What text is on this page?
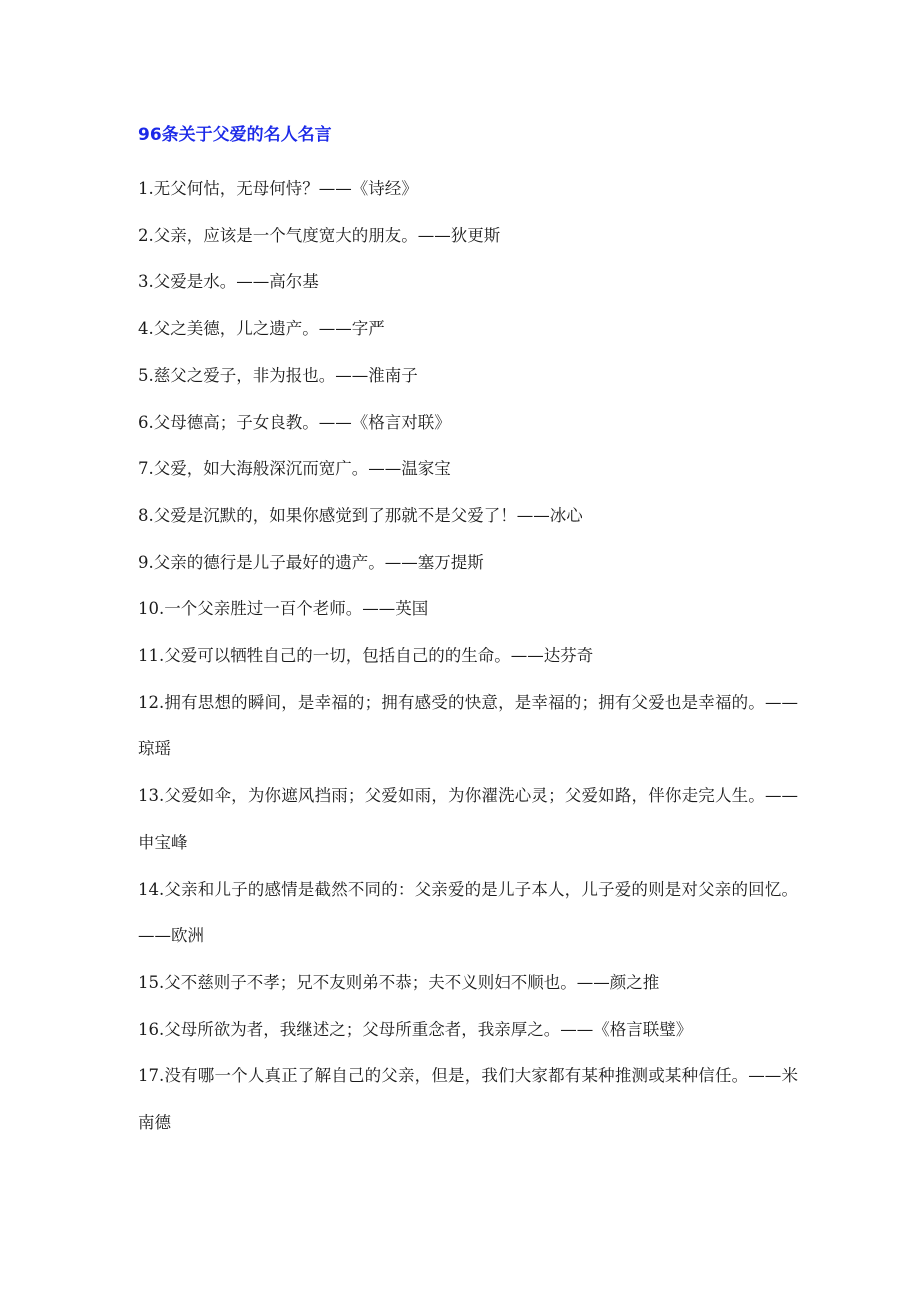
96条关于父爱的名人名言
1.无父何怙，无母何恃？——《诗经》
2.父亲，应该是一个气度宽大的朋友。——狄更斯
3.父爱是水。——高尔基
4.父之美德，儿之遗产。——字严
5.慈父之爱子，非为报也。——淮南子
6.父母德高；子女良教。——《格言对联》
7.父爱，如大海般深沉而宽广。——温家宝
8.父爱是沉默的，如果你感觉到了那就不是父爱了！——冰心
9.父亲的德行是儿子最好的遗产。——塞万提斯
10.一个父亲胜过一百个老师。——英国
11.父爱可以牺牲自己的一切，包括自己的的生命。——达芬奇
12.拥有思想的瞬间，是幸福的；拥有感受的快意，是幸福的；拥有父爱也是幸福的。——琼瑶
13.父爱如伞，为你遮风挡雨；父爱如雨，为你濯洗心灵；父爱如路，伴你走完人生。——申宝峰
14.父亲和儿子的感情是截然不同的：父亲爱的是儿子本人，儿子爱的则是对父亲的回忆。——欧洲
15.父不慈则子不孝；兄不友则弟不恭；夫不义则妇不顺也。——颜之推
16.父母所欲为者，我继述之；父母所重念者，我亲厚之。——《格言联璧》
17.没有哪一个人真正了解自己的父亲，但是，我们大家都有某种推测或某种信任。——米南德
